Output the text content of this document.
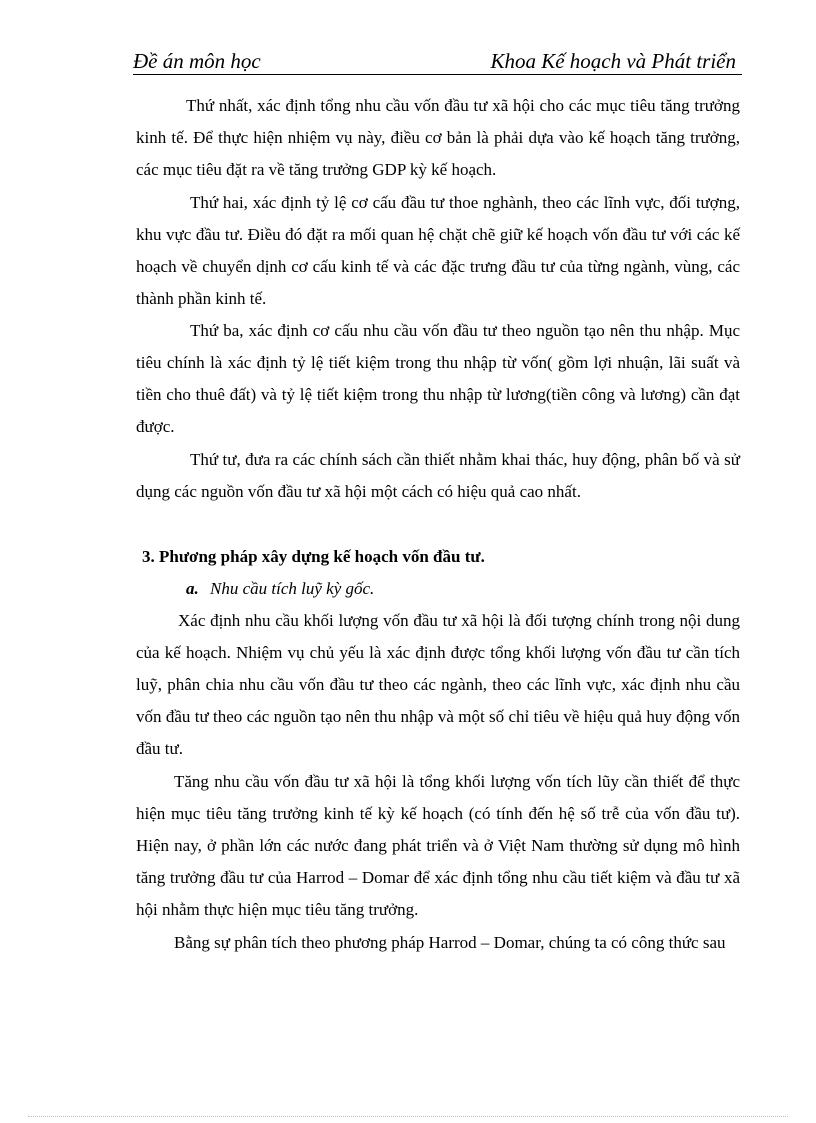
Đề án môn học	Khoa Kế hoạch và Phát triển

Thứ nhất, xác định tổng nhu cầu vốn đầu tư xã hội cho các mục tiêu tăng trưởng kinh tế. Để thực hiện nhiệm vụ này, điều cơ bản là phải dựa vào kế hoạch tăng trưởng, các mục tiêu đặt ra về tăng trưởng GDP kỳ kế hoạch.

Thứ hai, xác định tỷ lệ cơ cấu đầu tư thoe nghành, theo các lĩnh vực, đối tượng, khu vực đầu tư. Điều đó đặt ra mối quan hệ chặt chẽ giữ kế hoạch vốn đầu tư với các kế hoạch về chuyển dịnh cơ cấu kinh tế và các đặc trưng đầu tư của từng ngành, vùng, các thành phần kinh tế.

Thứ ba, xác định cơ cấu nhu cầu vốn đầu tư theo nguồn tạo nên thu nhập. Mục tiêu chính là xác định tỷ lệ tiết kiệm trong thu nhập từ vốn( gồm lợi nhuận, lãi suất và tiền cho thuê đất) và tỷ lệ tiết kiệm trong thu nhập từ lương(tiền công và lương) cần đạt được.

Thứ tư, đưa ra các chính sách cần thiết nhằm khai thác, huy động, phân bố và sử dụng các nguồn vốn đầu tư xã hội một cách có hiệu quả cao nhất.

3. Phương pháp xây dựng kế hoạch vốn đầu tư.
a. Nhu cầu tích luỹ kỳ gốc.

Xác định nhu cầu khối lượng vốn đầu tư xã hội là đối tượng chính trong nội dung của kế hoạch. Nhiệm vụ chủ yếu là xác định được tổng khối lượng vốn đầu tư cần tích luỹ, phân chia nhu cầu vốn đầu tư theo các ngành, theo các lĩnh vực, xác định nhu cầu vốn đầu tư theo các nguồn tạo nên thu nhập và một số chỉ tiêu về hiệu quả huy động vốn đầu tư.

Tăng nhu cầu vốn đầu tư xã hội là tổng khối lượng vốn tích lũy cần thiết để thực hiện mục tiêu tăng trưởng kinh tế kỳ kế hoạch (có tính đến hệ số trễ của vốn đầu tư). Hiện nay, ở phần lớn các nước đang phát triển và ở Việt Nam thường sử dụng mô hình tăng trưởng đầu tư của Harrod – Domar để xác định tổng nhu cầu tiết kiệm và đầu tư xã hội nhằm thực hiện mục tiêu tăng trưởng.

Bằng sự phân tích theo phương pháp Harrod – Domar, chúng ta có công thức sau
